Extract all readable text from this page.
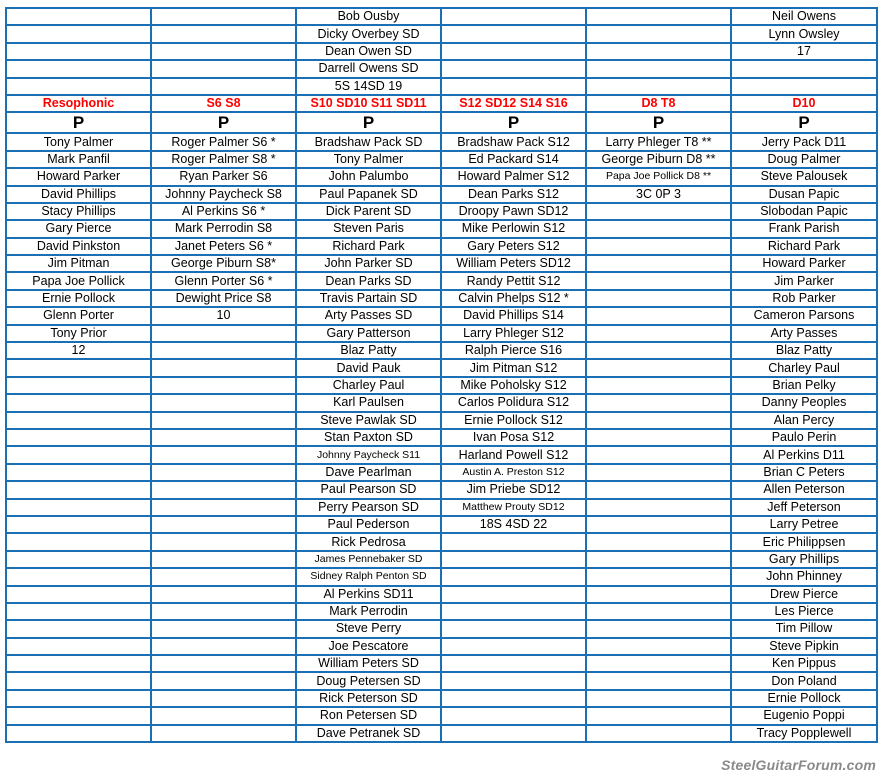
		Bob Ousby			Neil Owens
		Dicky Overbey SD			Lynn Owsley
		Dean Owen SD			17
		Darrell Owens SD			
		5S 14SD 19			
Resophonic	S6 S8	S10 SD10 S11 SD11	S12 SD12 S14 S16	D8 T8	D10
P	P	P	P	P	P
Tony Palmer	Roger Palmer S6 *	Bradshaw Pack SD	Bradshaw Pack S12	Larry Phleger T8 **	Jerry Pack D11
Mark Panfil	Roger Palmer S8 *	Tony Palmer	Ed Packard S14	George Piburn D8 **	Doug Palmer
Howard Parker	Ryan Parker S6	John Palumbo	Howard Palmer S12	Papa Joe Pollick D8 **	Steve Palousek
David Phillips	Johnny Paycheck S8	Paul Papanek SD	Dean Parks S12	3C 0P 3	Dusan Papic
Stacy Phillips	Al Perkins S6 *	Dick Parent SD	Droopy Pawn SD12		Slobodan Papic
Gary Pierce	Mark Perrodin S8	Steven Paris	Mike Perlowin S12		Frank Parish
David Pinkston	Janet Peters S6 *	Richard Park	Gary Peters S12		Richard Park
Jim Pitman	George Piburn S8*	John Parker SD	William Peters SD12		Howard Parker
Papa Joe Pollick	Glenn Porter S6 *	Dean Parks SD	Randy Pettit S12		Jim Parker
Ernie Pollock	Dewight Price S8	Travis Partain SD	Calvin Phelps S12 *		Rob Parker
Glenn Porter	10	Arty Passes SD	David Phillips S14		Cameron Parsons
Tony Prior		Gary Patterson	Larry Phleger S12		Arty Passes
12		Blaz Patty	Ralph Pierce S16		Blaz Patty
		David Pauk	Jim Pitman S12		Charley Paul
		Charley Paul	Mike Poholsky S12		Brian Pelky
		Karl Paulsen	Carlos Polidura S12		Danny Peoples
		Steve Pawlak SD	Ernie Pollock S12		Alan Percy
		Stan Paxton SD	Ivan Posa S12		Paulo Perin
		Johnny Paycheck S11	Harland Powell S12		Al Perkins D11
		Dave Pearlman	Austin A. Preston S12		Brian C Peters
		Paul Pearson SD	Jim Priebe SD12		Allen Peterson
		Perry Pearson SD	Matthew Prouty SD12		Jeff Peterson
		Paul Pederson	18S 4SD 22		Larry Petree
		Rick Pedrosa			Eric Philippsen
		James Pennebaker SD			Gary Phillips
		Sidney Ralph Penton SD			John Phinney
		Al Perkins SD11			Drew Pierce
		Mark Perrodin			Les Pierce
		Steve Perry			Tim Pillow
		Joe Pescatore			Steve Pipkin
		William Peters SD			Ken Pippus
		Doug Petersen SD			Don Poland
		Rick Peterson SD			Ernie Pollock
		Ron Petersen SD			Eugenio Poppi
		Dave Petranek SD			Tracy Popplewell
SteelGuitarForum.com
